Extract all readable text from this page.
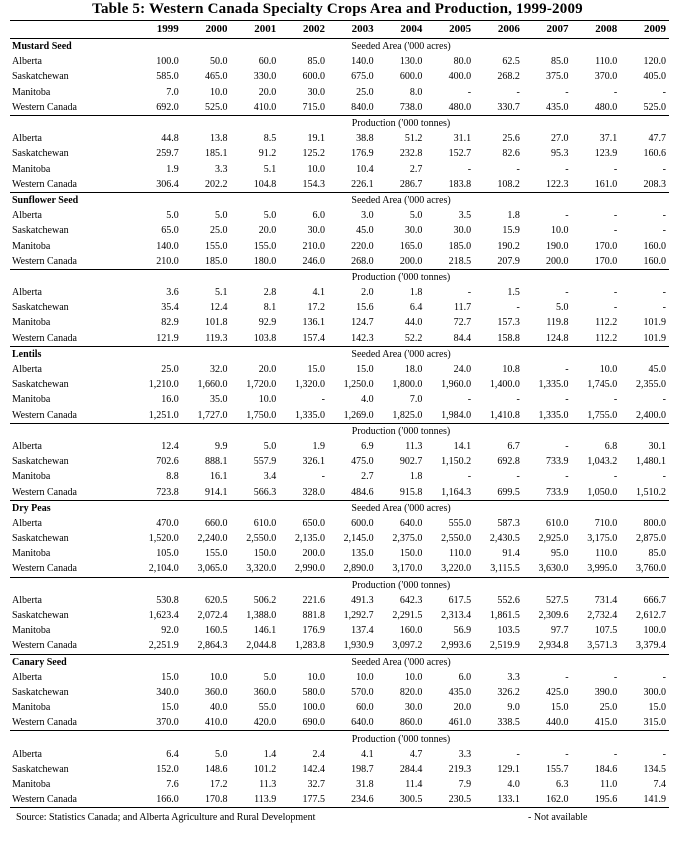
Table 5: Western Canada Specialty Crops Area and Production, 1999-2009
	1999	2000	2001	2002	2003	2004	2005	2006	2007	2008	2009
Mustard Seed	Seeded Area ('000 acres)										
Alberta	100.0	50.0	60.0	85.0	140.0	130.0	80.0	62.5	85.0	110.0	120.0
Saskatchewan	585.0	465.0	330.0	600.0	675.0	600.0	400.0	268.2	375.0	370.0	405.0
Manitoba	7.0	10.0	20.0	30.0	25.0	8.0	-	-	-	-	-
Western Canada	692.0	525.0	410.0	715.0	840.0	738.0	480.0	330.7	435.0	480.0	525.0
	Production ('000 tonnes)										
Alberta	44.8	13.8	8.5	19.1	38.8	51.2	31.1	25.6	27.0	37.1	47.7
Saskatchewan	259.7	185.1	91.2	125.2	176.9	232.8	152.7	82.6	95.3	123.9	160.6
Manitoba	1.9	3.3	5.1	10.0	10.4	2.7	-	-	-	-	-
Western Canada	306.4	202.2	104.8	154.3	226.1	286.7	183.8	108.2	122.3	161.0	208.3
Sunflower Seed	Seeded Area ('000 acres)										
Alberta	5.0	5.0	5.0	6.0	3.0	5.0	3.5	1.8	-	-	-
Saskatchewan	65.0	25.0	20.0	30.0	45.0	30.0	30.0	15.9	10.0	-	-
Manitoba	140.0	155.0	155.0	210.0	220.0	165.0	185.0	190.2	190.0	170.0	160.0
Western Canada	210.0	185.0	180.0	246.0	268.0	200.0	218.5	207.9	200.0	170.0	160.0
	Production ('000 tonnes)										
Alberta	3.6	5.1	2.8	4.1	2.0	1.8	-	1.5	-	-	-
Saskatchewan	35.4	12.4	8.1	17.2	15.6	6.4	11.7	-	5.0	-	-
Manitoba	82.9	101.8	92.9	136.1	124.7	44.0	72.7	157.3	119.8	112.2	101.9
Western Canada	121.9	119.3	103.8	157.4	142.3	52.2	84.4	158.8	124.8	112.2	101.9
Lentils	Seeded Area ('000 acres)										
Alberta	25.0	32.0	20.0	15.0	15.0	18.0	24.0	10.8	-	10.0	45.0
Saskatchewan	1,210.0	1,660.0	1,720.0	1,320.0	1,250.0	1,800.0	1,960.0	1,400.0	1,335.0	1,745.0	2,355.0
Manitoba	16.0	35.0	10.0	-	4.0	7.0	-	-	-	-	-
Western Canada	1,251.0	1,727.0	1,750.0	1,335.0	1,269.0	1,825.0	1,984.0	1,410.8	1,335.0	1,755.0	2,400.0
	Production ('000 tonnes)										
Alberta	12.4	9.9	5.0	1.9	6.9	11.3	14.1	6.7	-	6.8	30.1
Saskatchewan	702.6	888.1	557.9	326.1	475.0	902.7	1,150.2	692.8	733.9	1,043.2	1,480.1
Manitoba	8.8	16.1	3.4	-	2.7	1.8	-	-	-	-	-
Western Canada	723.8	914.1	566.3	328.0	484.6	915.8	1,164.3	699.5	733.9	1,050.0	1,510.2
Dry Peas	Seeded Area ('000 acres)										
Alberta	470.0	660.0	610.0	650.0	600.0	640.0	555.0	587.3	610.0	710.0	800.0
Saskatchewan	1,520.0	2,240.0	2,550.0	2,135.0	2,145.0	2,375.0	2,550.0	2,430.5	2,925.0	3,175.0	2,875.0
Manitoba	105.0	155.0	150.0	200.0	135.0	150.0	110.0	91.4	95.0	110.0	85.0
Western Canada	2,104.0	3,065.0	3,320.0	2,990.0	2,890.0	3,170.0	3,220.0	3,115.5	3,630.0	3,995.0	3,760.0
	Production ('000 tonnes)										
Alberta	530.8	620.5	506.2	221.6	491.3	642.3	617.5	552.6	527.5	731.4	666.7
Saskatchewan	1,623.4	2,072.4	1,388.0	881.8	1,292.7	2,291.5	2,313.4	1,861.5	2,309.6	2,732.4	2,612.7
Manitoba	92.0	160.5	146.1	176.9	137.4	160.0	56.9	103.5	97.7	107.5	100.0
Western Canada	2,251.9	2,864.3	2,044.8	1,283.8	1,930.9	3,097.2	2,993.6	2,519.9	2,934.8	3,571.3	3,379.4
Canary Seed	Seeded Area ('000 acres)										
Alberta	15.0	10.0	5.0	10.0	10.0	10.0	6.0	3.3	-	-	-
Saskatchewan	340.0	360.0	360.0	580.0	570.0	820.0	435.0	326.2	425.0	390.0	300.0
Manitoba	15.0	40.0	55.0	100.0	60.0	30.0	20.0	9.0	15.0	25.0	15.0
Western Canada	370.0	410.0	420.0	690.0	640.0	860.0	461.0	338.5	440.0	415.0	315.0
	Production ('000 tonnes)										
Alberta	6.4	5.0	1.4	2.4	4.1	4.7	3.3	-	-	-	-
Saskatchewan	152.0	148.6	101.2	142.4	198.7	284.4	219.3	129.1	155.7	184.6	134.5
Manitoba	7.6	17.2	11.3	32.7	31.8	11.4	7.9	4.0	6.3	11.0	7.4
Western Canada	166.0	170.8	113.9	177.5	234.6	300.5	230.5	133.1	162.0	195.6	141.9
Source: Statistics Canada; and Alberta Agriculture and Rural Development	- Not available
